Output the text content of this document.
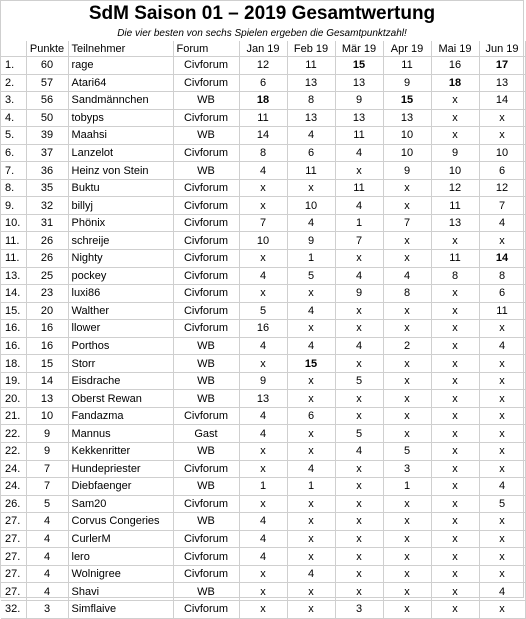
SdM Saison 01 – 2019 Gesamtwertung
Die vier besten von sechs Spielen ergeben die Gesamtpunktzahl!
	Punkte	Teilnehmer	Forum	Jan 19	Feb 19	Mär 19	Apr 19	Mai 19	Jun 19
1.	60	rage	Civforum	12	11	15	11	16	17
2.	57	Atari64	Civforum	6	13	13	9	18	13
3.	56	Sandmännchen	WB	18	8	9	15	x	14
4.	50	tobyps	Civforum	11	13	13	13	x	x
5.	39	Maahsi	WB	14	4	11	10	x	x
6.	37	Lanzelot	Civforum	8	6	4	10	9	10
7.	36	Heinz von Stein	WB	4	11	x	9	10	6
8.	35	Buktu	Civforum	x	x	11	x	12	12
9.	32	billyj	Civforum	x	10	4	x	11	7
10.	31	Phönix	Civforum	7	4	1	7	13	4
11.	26	schreije	Civforum	10	9	7	x	x	x
11.	26	Nighty	Civforum	x	1	x	x	11	14
13.	25	pockey	Civforum	4	5	4	4	8	8
14.	23	luxi86	Civforum	x	x	9	8	x	6
15.	20	Walther	Civforum	5	4	x	x	x	11
16.	16	llower	Civforum	16	x	x	x	x	x
16.	16	Porthos	WB	4	4	4	2	x	4
18.	15	Storr	WB	x	15	x	x	x	x
19.	14	Eisdrache	WB	9	x	5	x	x	x
20.	13	Oberst Rewan	WB	13	x	x	x	x	x
21.	10	Fandazma	Civforum	4	6	x	x	x	x
22.	9	Mannus	Gast	4	x	5	x	x	x
22.	9	Kekkenritter	WB	x	x	4	5	x	x
24.	7	Hundepriester	Civforum	x	4	x	3	x	x
24.	7	Diebfaenger	WB	1	1	x	1	x	4
26.	5	Sam20	Civforum	x	x	x	x	x	5
27.	4	Corvus Congeries	WB	4	x	x	x	x	x
27.	4	CurlerM	Civforum	4	x	x	x	x	x
27.	4	lero	Civforum	4	x	x	x	x	x
27.	4	Wolnigree	Civforum	x	4	x	x	x	x
27.	4	Shavi	WB	x	x	x	x	x	4
32.	3	Simflaive	Civforum	x	x	3	x	x	x
